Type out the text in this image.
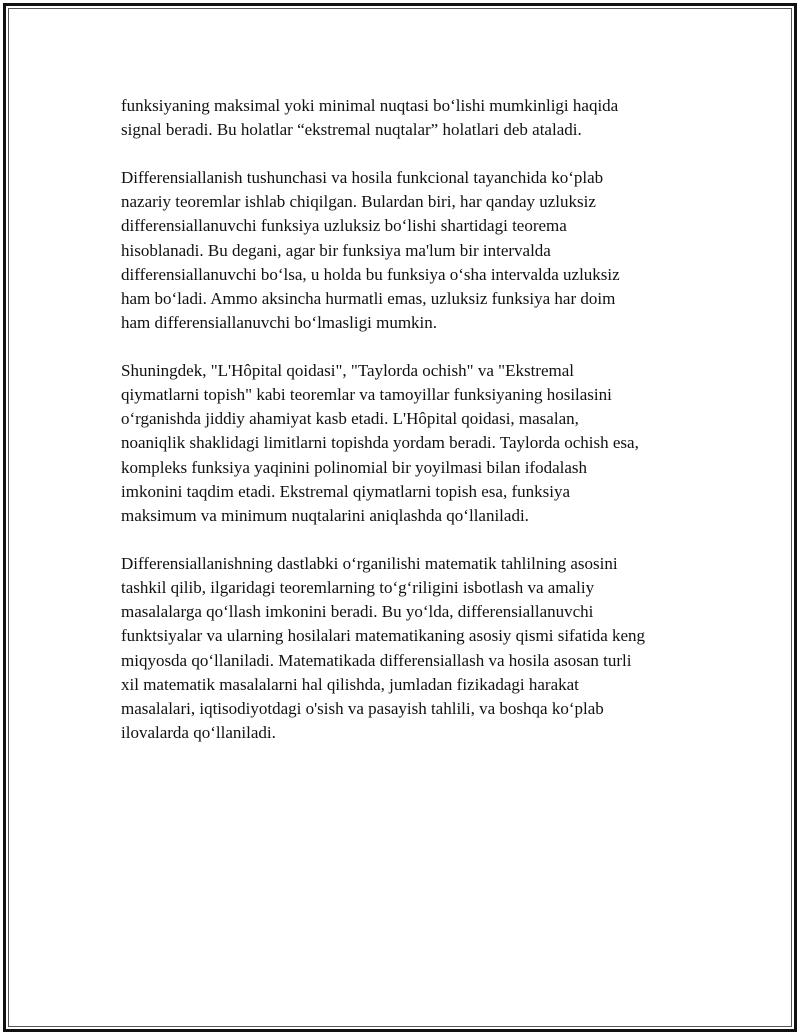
funksiyaning maksimal yoki minimal nuqtasi boʻlishi mumkinligi haqida
signal beradi. Bu holatlar “ekstremal nuqtalar” holatlari deb ataladi.

Differensiallanish tushunchasi va hosila funkcional tayanchida koʻplab
nazariy teoremlar ishlab chiqilgan. Bulardan biri, har qanday uzluksiz
differensiallanuvchi funksiya uzluksiz boʻlishi shartidagi teorema
hisoblanadi. Bu degani, agar bir funksiya ma'lum bir intervalda
differensiallanuvchi boʻlsa, u holda bu funksiya oʻsha intervalda uzluksiz
ham boʻladi. Ammo aksincha hurmatli emas, uzluksiz funksiya har doim
ham differensiallanuvchi boʻlmasligi mumkin.

Shuningdek, "L'Hôpital qoidasi", "Taylorda ochish" va "Ekstremal
qiymatlarni topish" kabi teoremlar va tamoyillar funksiyaning hosilasini
oʻrganishda jiddiy ahamiyat kasb etadi. L'Hôpital qoidasi, masalan,
noaniqlik shaklidagi limitlarni topishda yordam beradi. Taylorda ochish esa,
kompleks funksiya yaqinini polinomial bir yoyilmasi bilan ifodalash
imkonini taqdim etadi. Ekstremal qiymatlarni topish esa, funksiya
maksimum va minimum nuqtalarini aniqlashda qoʻllaniladi.

Differensiallanishning dastlabki oʻrganilishi matematik tahlilning asosini
tashkil qilib, ilgaridagi teoremlarning toʻgʻriligini isbotlash va amaliy
masalalarga qoʻllash imkonini beradi. Bu yoʻlda, differensiallanuvchi
funktsiyalar va ularning hosilalari matematikaning asosiy qismi sifatida keng
miqyosda qoʻllaniladi. Matematikada differensiallash va hosila asosan turli
xil matematik masalalarni hal qilishda, jumladan fizikadagi harakat
masalalari, iqtisodiyotdagi o'sish va pasayish tahlili, va boshqa koʻplab
ilovalarda qoʻllaniladi.
